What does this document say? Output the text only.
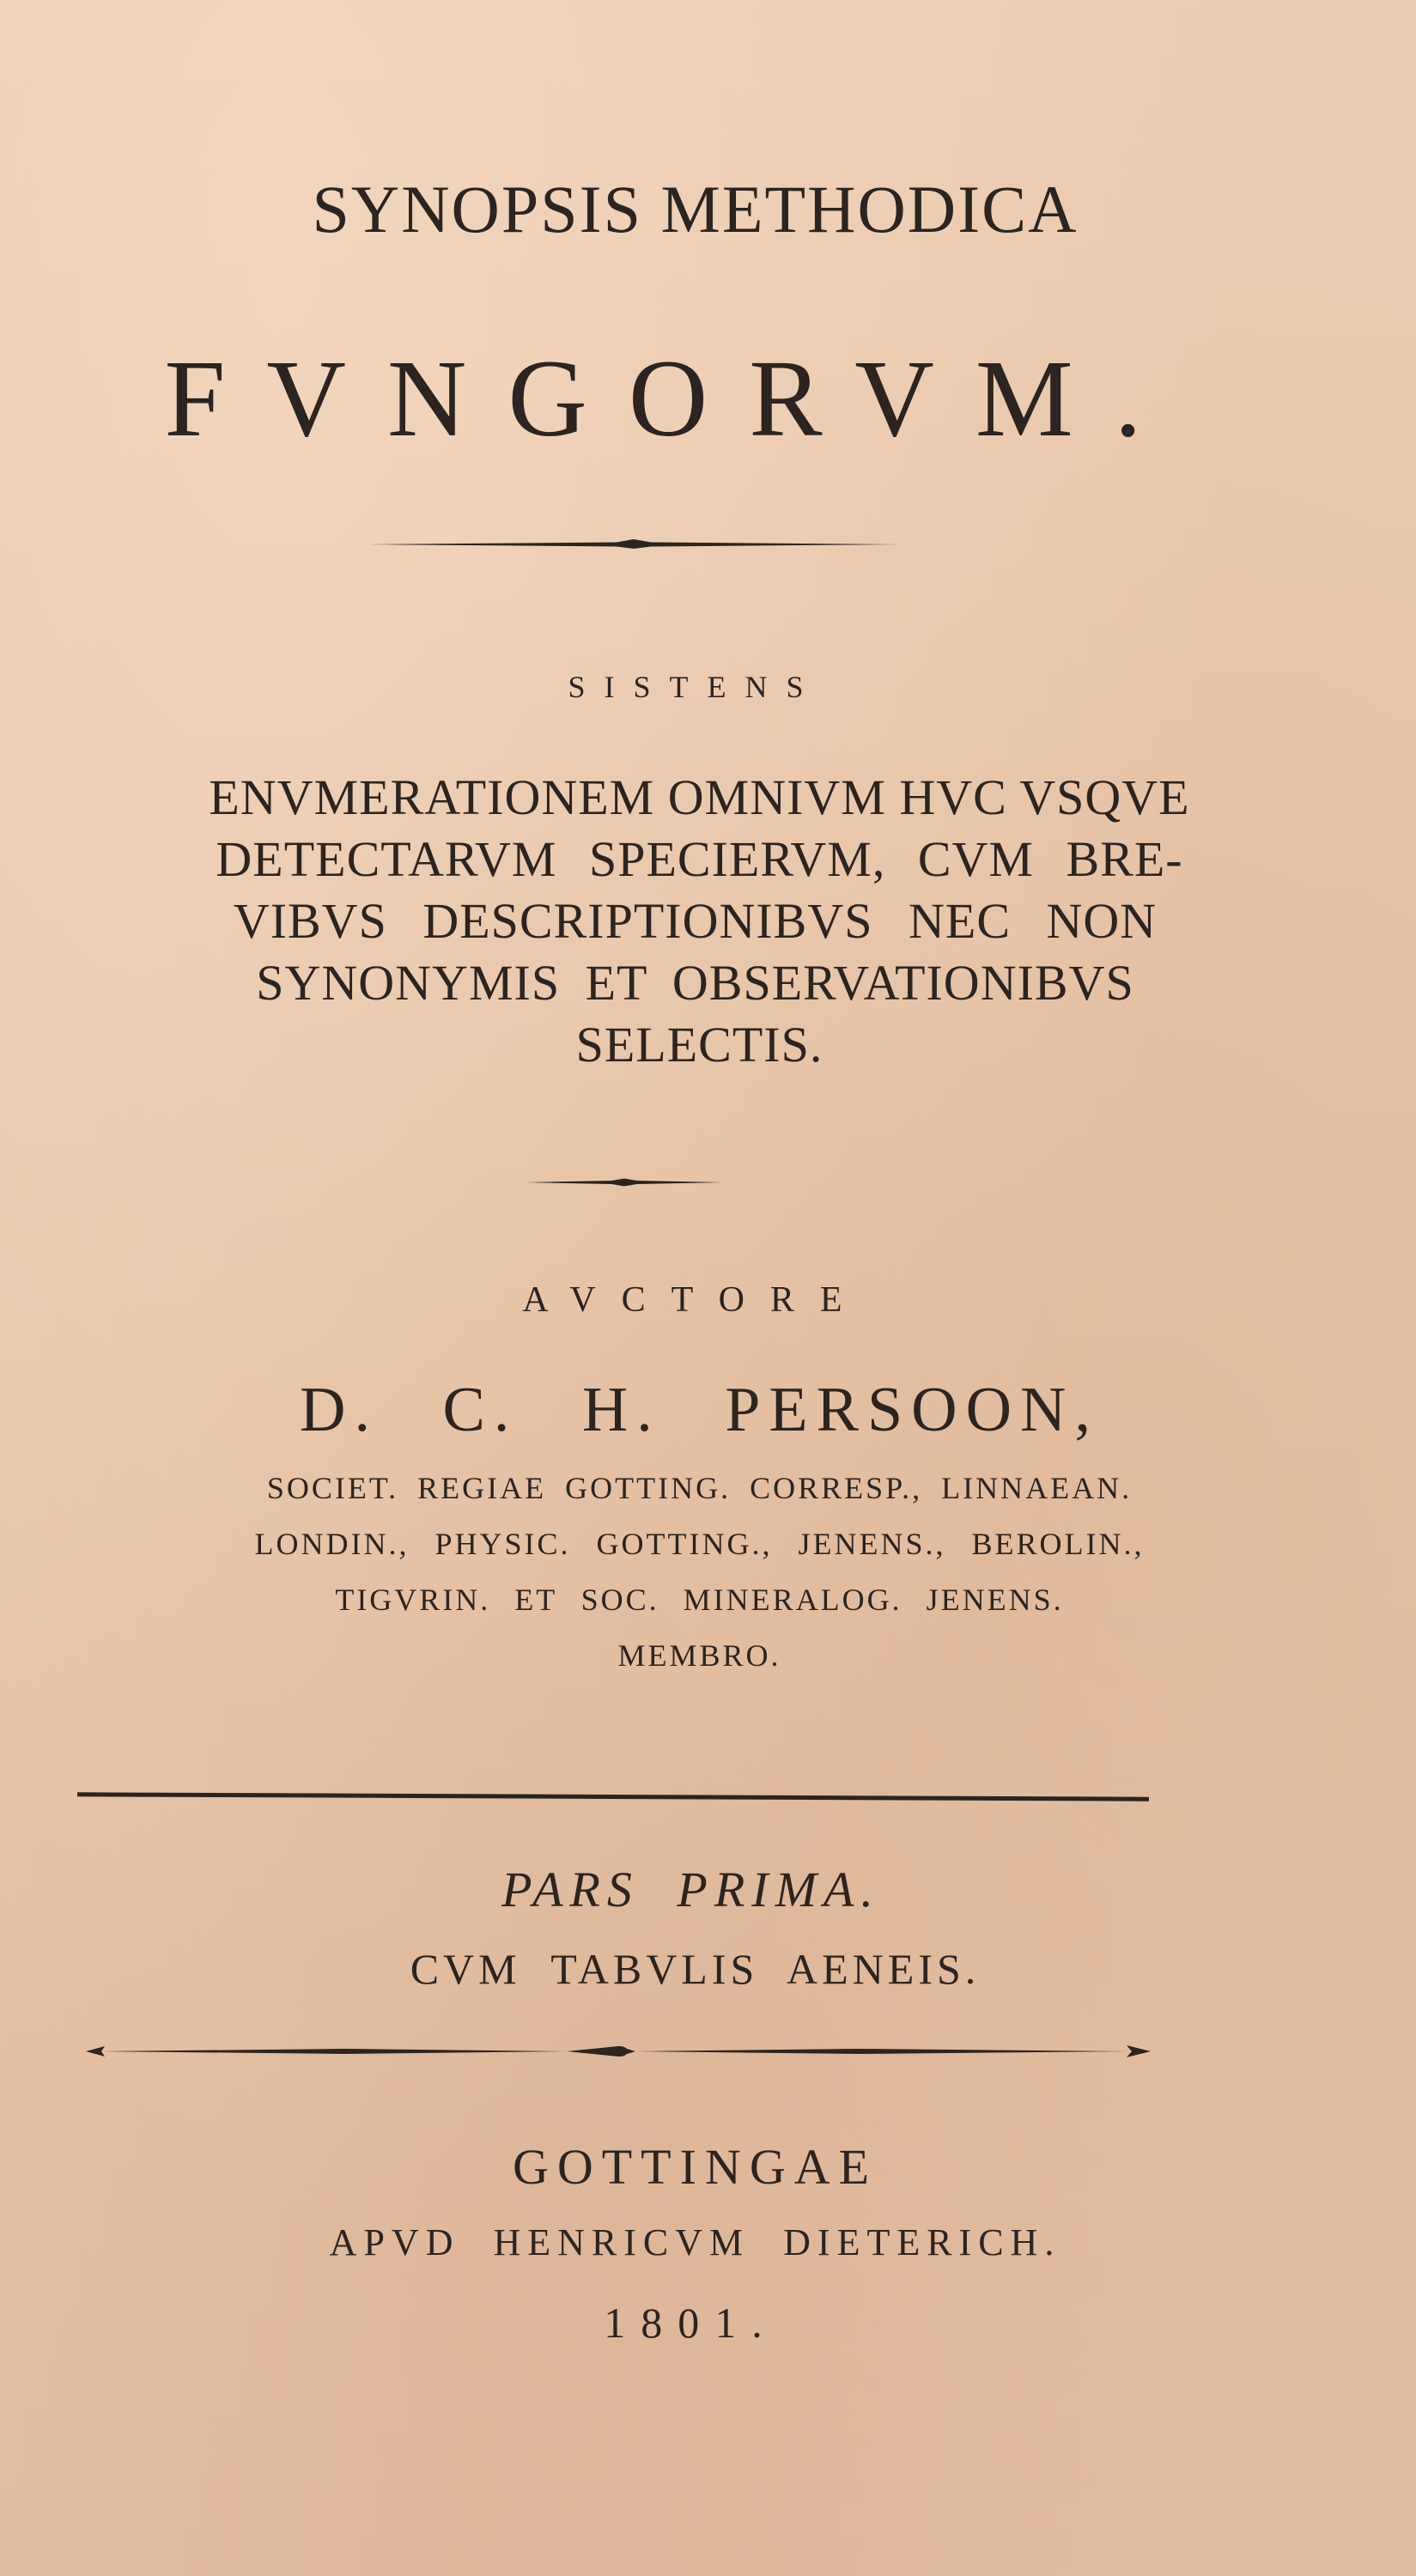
SYNOPSIS METHODICA

FVNGORVM.

SISTENS

ENVMERATIONEM OMNIVM HVC VSQVE

DETECTARVM SPECIERVM, CVM BRE-

VIBVS DESCRIPTIONIBVS NEC NON

SYNONYMIS ET OBSERVATIONIBVS

SELECTIS.

AVCTORE

D. C. H. PERSOON,

SOCIET. REGIAE GOTTING. CORRESP., LINNAEAN.

LONDIN., PHYSIC. GOTTING., JENENS., BEROLIN.,

TIGVRIN. ET SOC. MINERALOG. JENENS.

MEMBRO.

PARS PRIMA.

CVM TABVLIS AENEIS.

GOTTINGAE

APVD HENRICVM DIETERICH.

1801.
